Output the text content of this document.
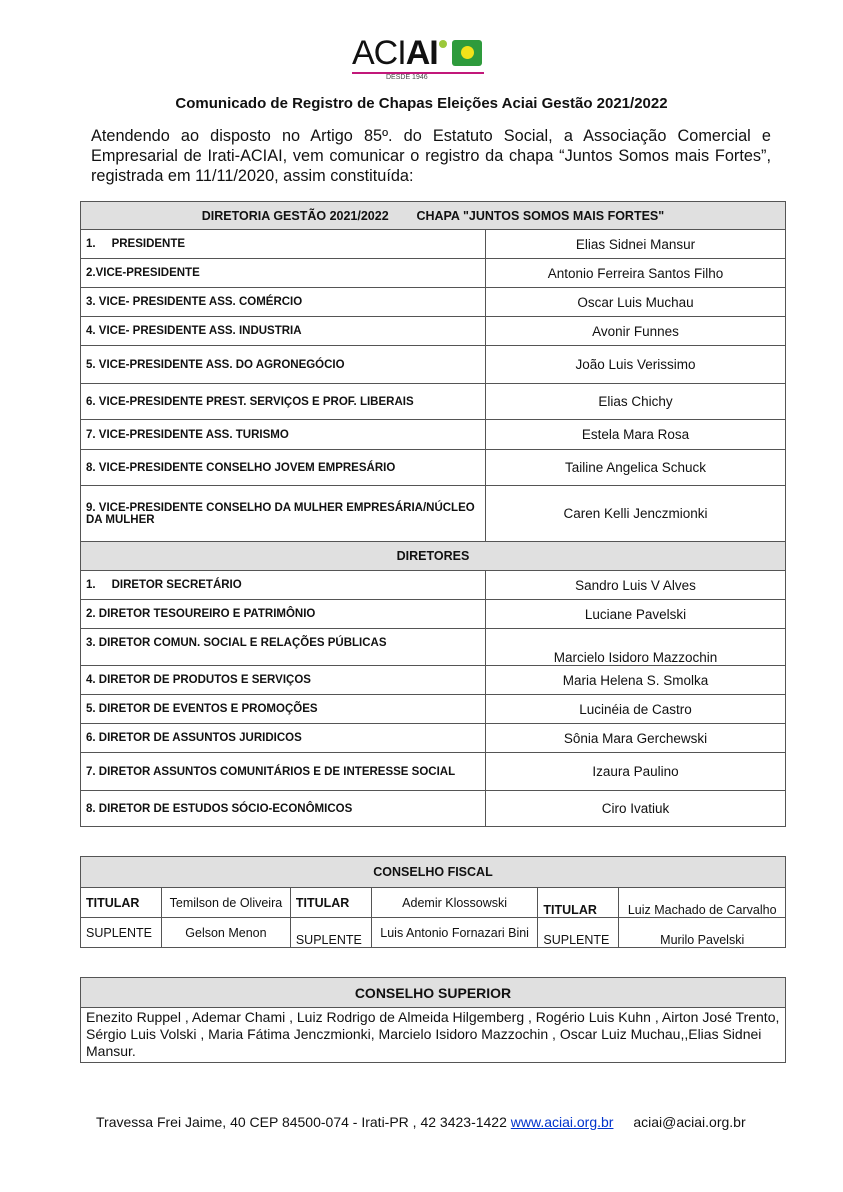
ACIAI
DESDE 1946
Comunicado de Registro de Chapas Eleições Aciai Gestão 2021/2022

Atendendo ao disposto no Artigo 85º. do Estatuto Social, a Associação Comercial e Empresarial de Irati-ACIAI, vem comunicar o registro da chapa “Juntos Somos mais Fortes”, registrada em 11/11/2020, assim constituída:

DIRETORIA GESTÃO 2021/2022        CHAPA "JUNTOS SOMOS MAIS FORTES"	
1.     PRESIDENTE	Elias Sidnei Mansur
2.VICE-PRESIDENTE	Antonio Ferreira Santos Filho
3. VICE- PRESIDENTE ASS. COMÉRCIO	Oscar Luis Muchau
4. VICE- PRESIDENTE ASS. INDUSTRIA	Avonir Funnes
5. VICE-PRESIDENTE ASS. DO AGRONEGÓCIO	João Luis Verissimo
6. VICE-PRESIDENTE PREST. SERVIÇOS E PROF. LIBERAIS	Elias Chichy
7. VICE-PRESIDENTE ASS. TURISMO	Estela Mara Rosa
8. VICE-PRESIDENTE CONSELHO JOVEM EMPRESÁRIO	Tailine Angelica Schuck
9. VICE-PRESIDENTE CONSELHO DA MULHER EMPRESÁRIA/NÚCLEO DA MULHER	Caren Kelli Jenczmionki
DIRETORES	
1.     DIRETOR SECRETÁRIO	Sandro Luis V Alves
2. DIRETOR TESOUREIRO E PATRIMÔNIO	Luciane Pavelski
3. DIRETOR COMUN. SOCIAL E RELAÇÕES PÚBLICAS	Marcielo Isidoro Mazzochin
4. DIRETOR DE PRODUTOS E SERVIÇOS	Maria Helena S. Smolka
5. DIRETOR DE EVENTOS E PROMOÇÕES	Lucinéia de Castro
6. DIRETOR DE ASSUNTOS JURIDICOS	Sônia Mara Gerchewski
7. DIRETOR ASSUNTOS COMUNITÁRIOS E DE INTERESSE SOCIAL	Izaura Paulino
8. DIRETOR DE ESTUDOS SÓCIO-ECONÔMICOS	Ciro Ivatiuk
CONSELHO FISCAL					
TITULAR	Temilson de Oliveira	TITULAR	Ademir Klossowski	TITULAR	Luiz Machado de Carvalho
SUPLENTE	Gelson Menon	SUPLENTE	Luis Antonio Fornazari Bini	SUPLENTE	Murilo Pavelski
CONSELHO SUPERIOR
Enezito Ruppel , Ademar Chami , Luiz Rodrigo de Almeida Hilgemberg , Rogério Luis Kuhn , Airton José Trento, Sérgio Luis Volski , Maria Fátima Jenczmionki, Marcielo Isidoro Mazzochin , Oscar Luiz Muchau,,Elias Sidnei Mansur.
Travessa Frei Jaime, 40 CEP 84500-074 - Irati-PR , 42 3423-1422 www.aciai.org.br aciai@aciai.org.br
